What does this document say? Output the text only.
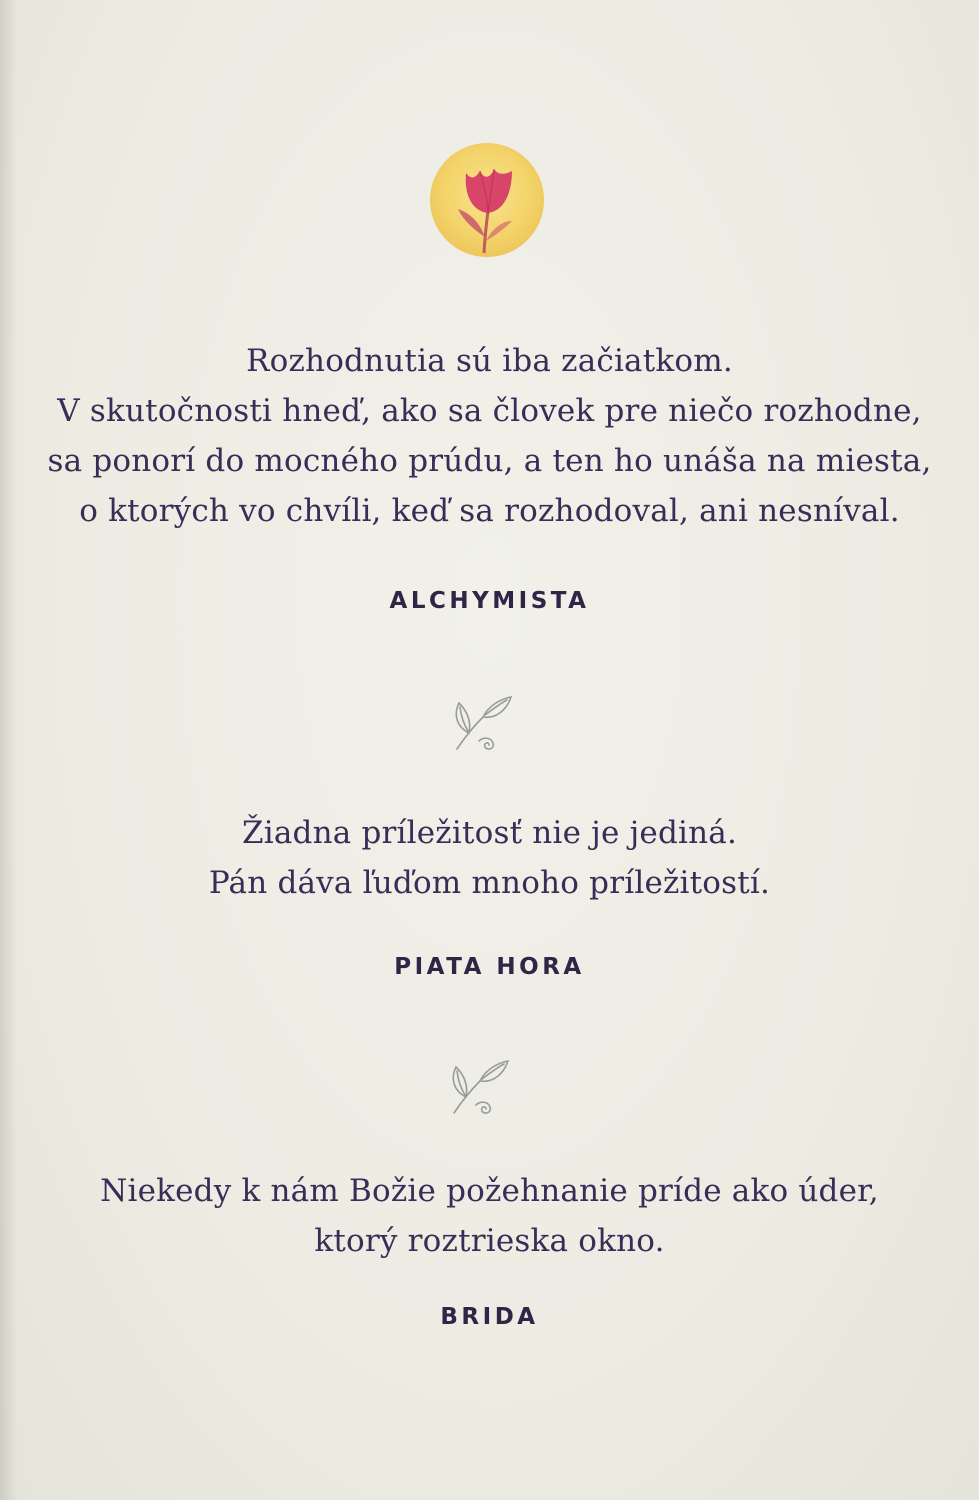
Rozhodnutia sú iba začiatkom.
V skutočnosti hneď, ako sa človek pre niečo rozhodne,
sa ponorí do mocného prúdu, a ten ho unáša na miesta,
o ktorých vo chvíli, keď sa rozhodoval, ani nesníval.
ALCHYMISTA
Žiadna príležitosť nie je jediná.
Pán dáva ľuďom mnoho príležitostí.
PIATA HORA
Niekedy k nám Božie požehnanie príde ako úder,
ktorý roztrieska okno.
BRIDA
